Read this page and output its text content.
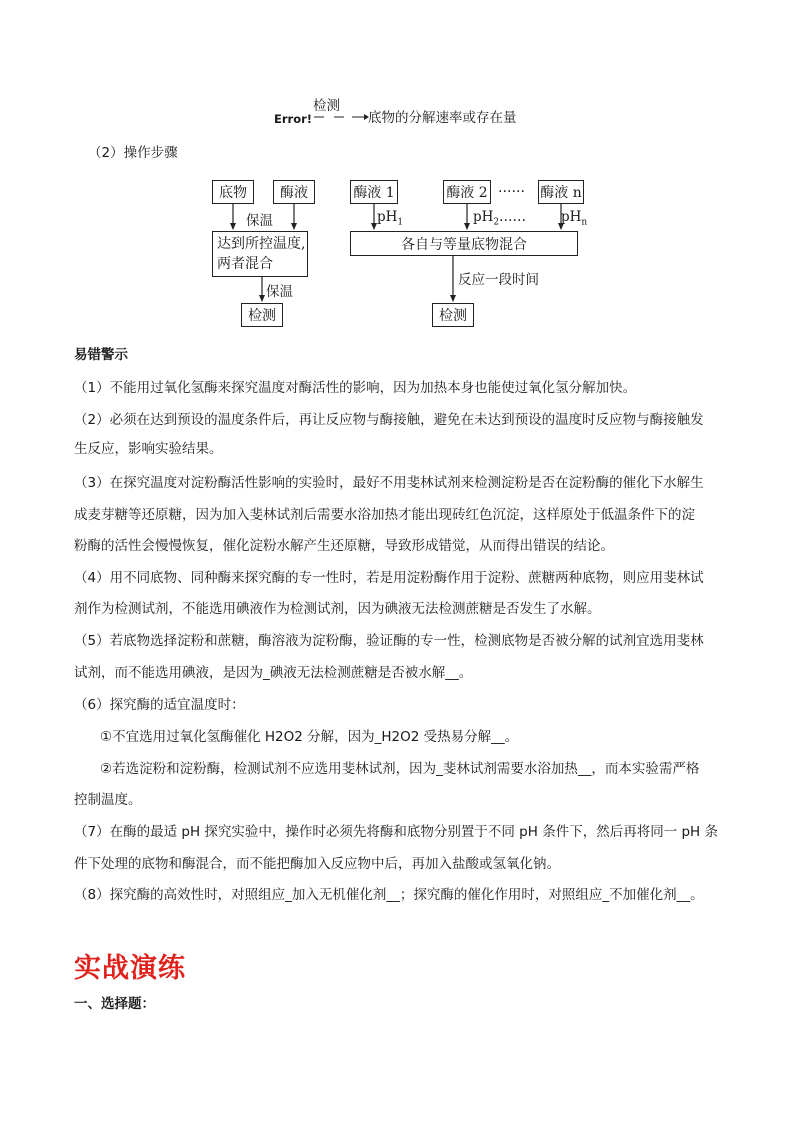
Error!
检测
底物的分解速率或存在量
（2）操作步骤
底物	酶液
保温
达到所控温度,
两者混合
保温
检测
酶液 1	酶液 2 …… 酶液 n
$pH_1$	$pH_2$ ……	$pH_n$
各自与等量底物混合
反应一段时间
检测
易错警示
（1）不能用过氧化氢酶来探究温度对酶活性的影响，因为加热本身也能使过氧化氢分解加快。
（2）必须在达到预设的温度条件后，再让反应物与酶接触，避免在未达到预设的温度时反应物与酶接触发
生反应，影响实验结果。
（3）在探究温度对淀粉酶活性影响的实验时，最好不用斐林试剂来检测淀粉是否在淀粉酶的催化下水解生
成麦芽糖等还原糖，因为加入斐林试剂后需要水浴加热才能出现砖红色沉淀，这样原处于低温条件下的淀
粉酶的活性会慢慢恢复，催化淀粉水解产生还原糖，导致形成错觉，从而得出错误的结论。
（4）用不同底物、同种酶来探究酶的专一性时，若是用淀粉酶作用于淀粉、蔗糖两种底物，则应用斐林试
剂作为检测试剂，不能选用碘液作为检测试剂，因为碘液无法检测蔗糖是否发生了水解。
（5）若底物选择淀粉和蔗糖，酶溶液为淀粉酶，验证酶的专一性，检测底物是否被分解的试剂宜选用斐林
试剂，而不能选用碘液，是因为_碘液无法检测蔗糖是否被水解__。
（6）探究酶的适宜温度时：
①不宜选用过氧化氢酶催化 H2O2 分解，因为_H2O2 受热易分解__。
②若选淀粉和淀粉酶，检测试剂不应选用斐林试剂，因为_斐林试剂需要水浴加热__，而本实验需严格
控制温度。
（7）在酶的最适 pH 探究实验中，操作时必须先将酶和底物分别置于不同 pH 条件下，然后再将同一 pH 条
件下处理的底物和酶混合，而不能把酶加入反应物中后，再加入盐酸或氢氧化钠。
（8）探究酶的高效性时，对照组应_加入无机催化剂__；探究酶的催化作用时，对照组应_不加催化剂__。
实战演练
一、选择题：
